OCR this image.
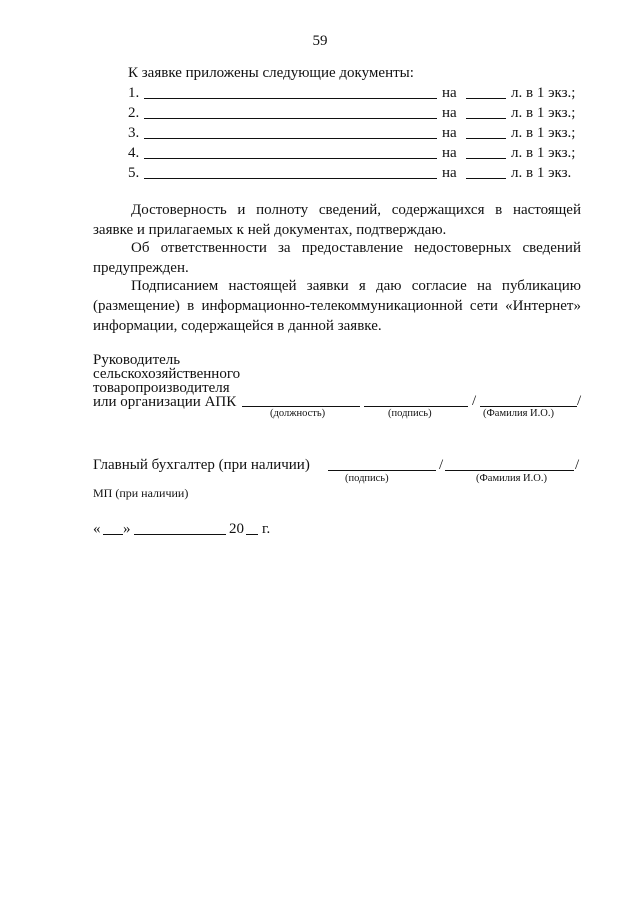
59
К заявке приложены следующие документы:
1.	на	л. в 1 экз.;
2.	на	л. в 1 экз.;
3.	на	л. в 1 экз.;
4.	на	л. в 1 экз.;
5.	на	л. в 1 экз.
Достоверность и полноту сведений, содержащихся в настоящей заявке и прилагаемых к ней документах, подтверждаю.
Об ответственности за предоставление недостоверных сведений предупрежден.
Подписанием настоящей заявки я даю согласие на публикацию (размещение) в информационно-телекоммуникационной сети «Интернет» информации, содержащейся в данной заявке.
Руководитель
сельскохозяйственного
товаропроизводителя
или организации АПК	/	/
(должность)	(подпись)	(Фамилия И.О.)
Главный бухгалтер (при наличии)	/	/
(подпись)	(Фамилия И.О.)
МП (при наличии)
« »	20 г.
